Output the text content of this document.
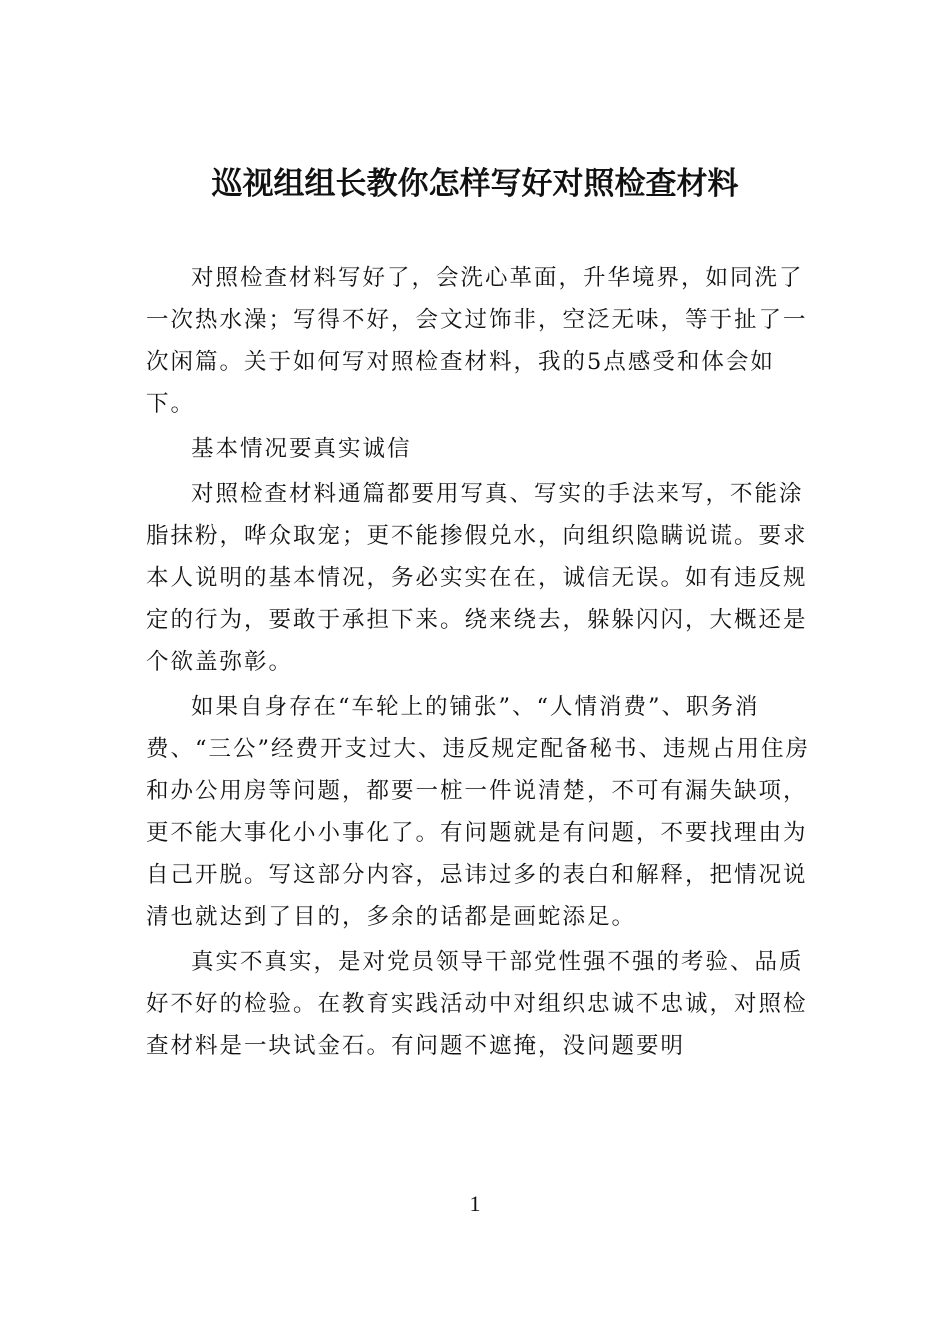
巡视组组长教你怎样写好对照检查材料

对照检查材料写好了，会洗心革面，升华境界，如同洗了一次热水澡；写得不好，会文过饰非，空泛无味，等于扯了一次闲篇。关于如何写对照检查材料，我的5点感受和体会如下。

基本情况要真实诚信

对照检查材料通篇都要用写真、写实的手法来写，不能涂脂抹粉，哗众取宠；更不能掺假兑水，向组织隐瞒说谎。要求本人说明的基本情况，务必实实在在，诚信无误。如有违反规定的行为，要敢于承担下来。绕来绕去，躲躲闪闪，大概还是个欲盖弥彰。

如果自身存在“车轮上的铺张”、“人情消费”、职务消费、“三公”经费开支过大、违反规定配备秘书、违规占用住房和办公用房等问题，都要一桩一件说清楚，不可有漏失缺项，更不能大事化小小事化了。有问题就是有问题，不要找理由为自己开脱。写这部分内容，忌讳过多的表白和解释，把情况说清也就达到了目的，多余的话都是画蛇添足。

真实不真实，是对党员领导干部党性强不强的考验、品质好不好的检验。在教育实践活动中对组织忠诚不忠诚，对照检查材料是一块试金石。有问题不遮掩，没问题要明

1
